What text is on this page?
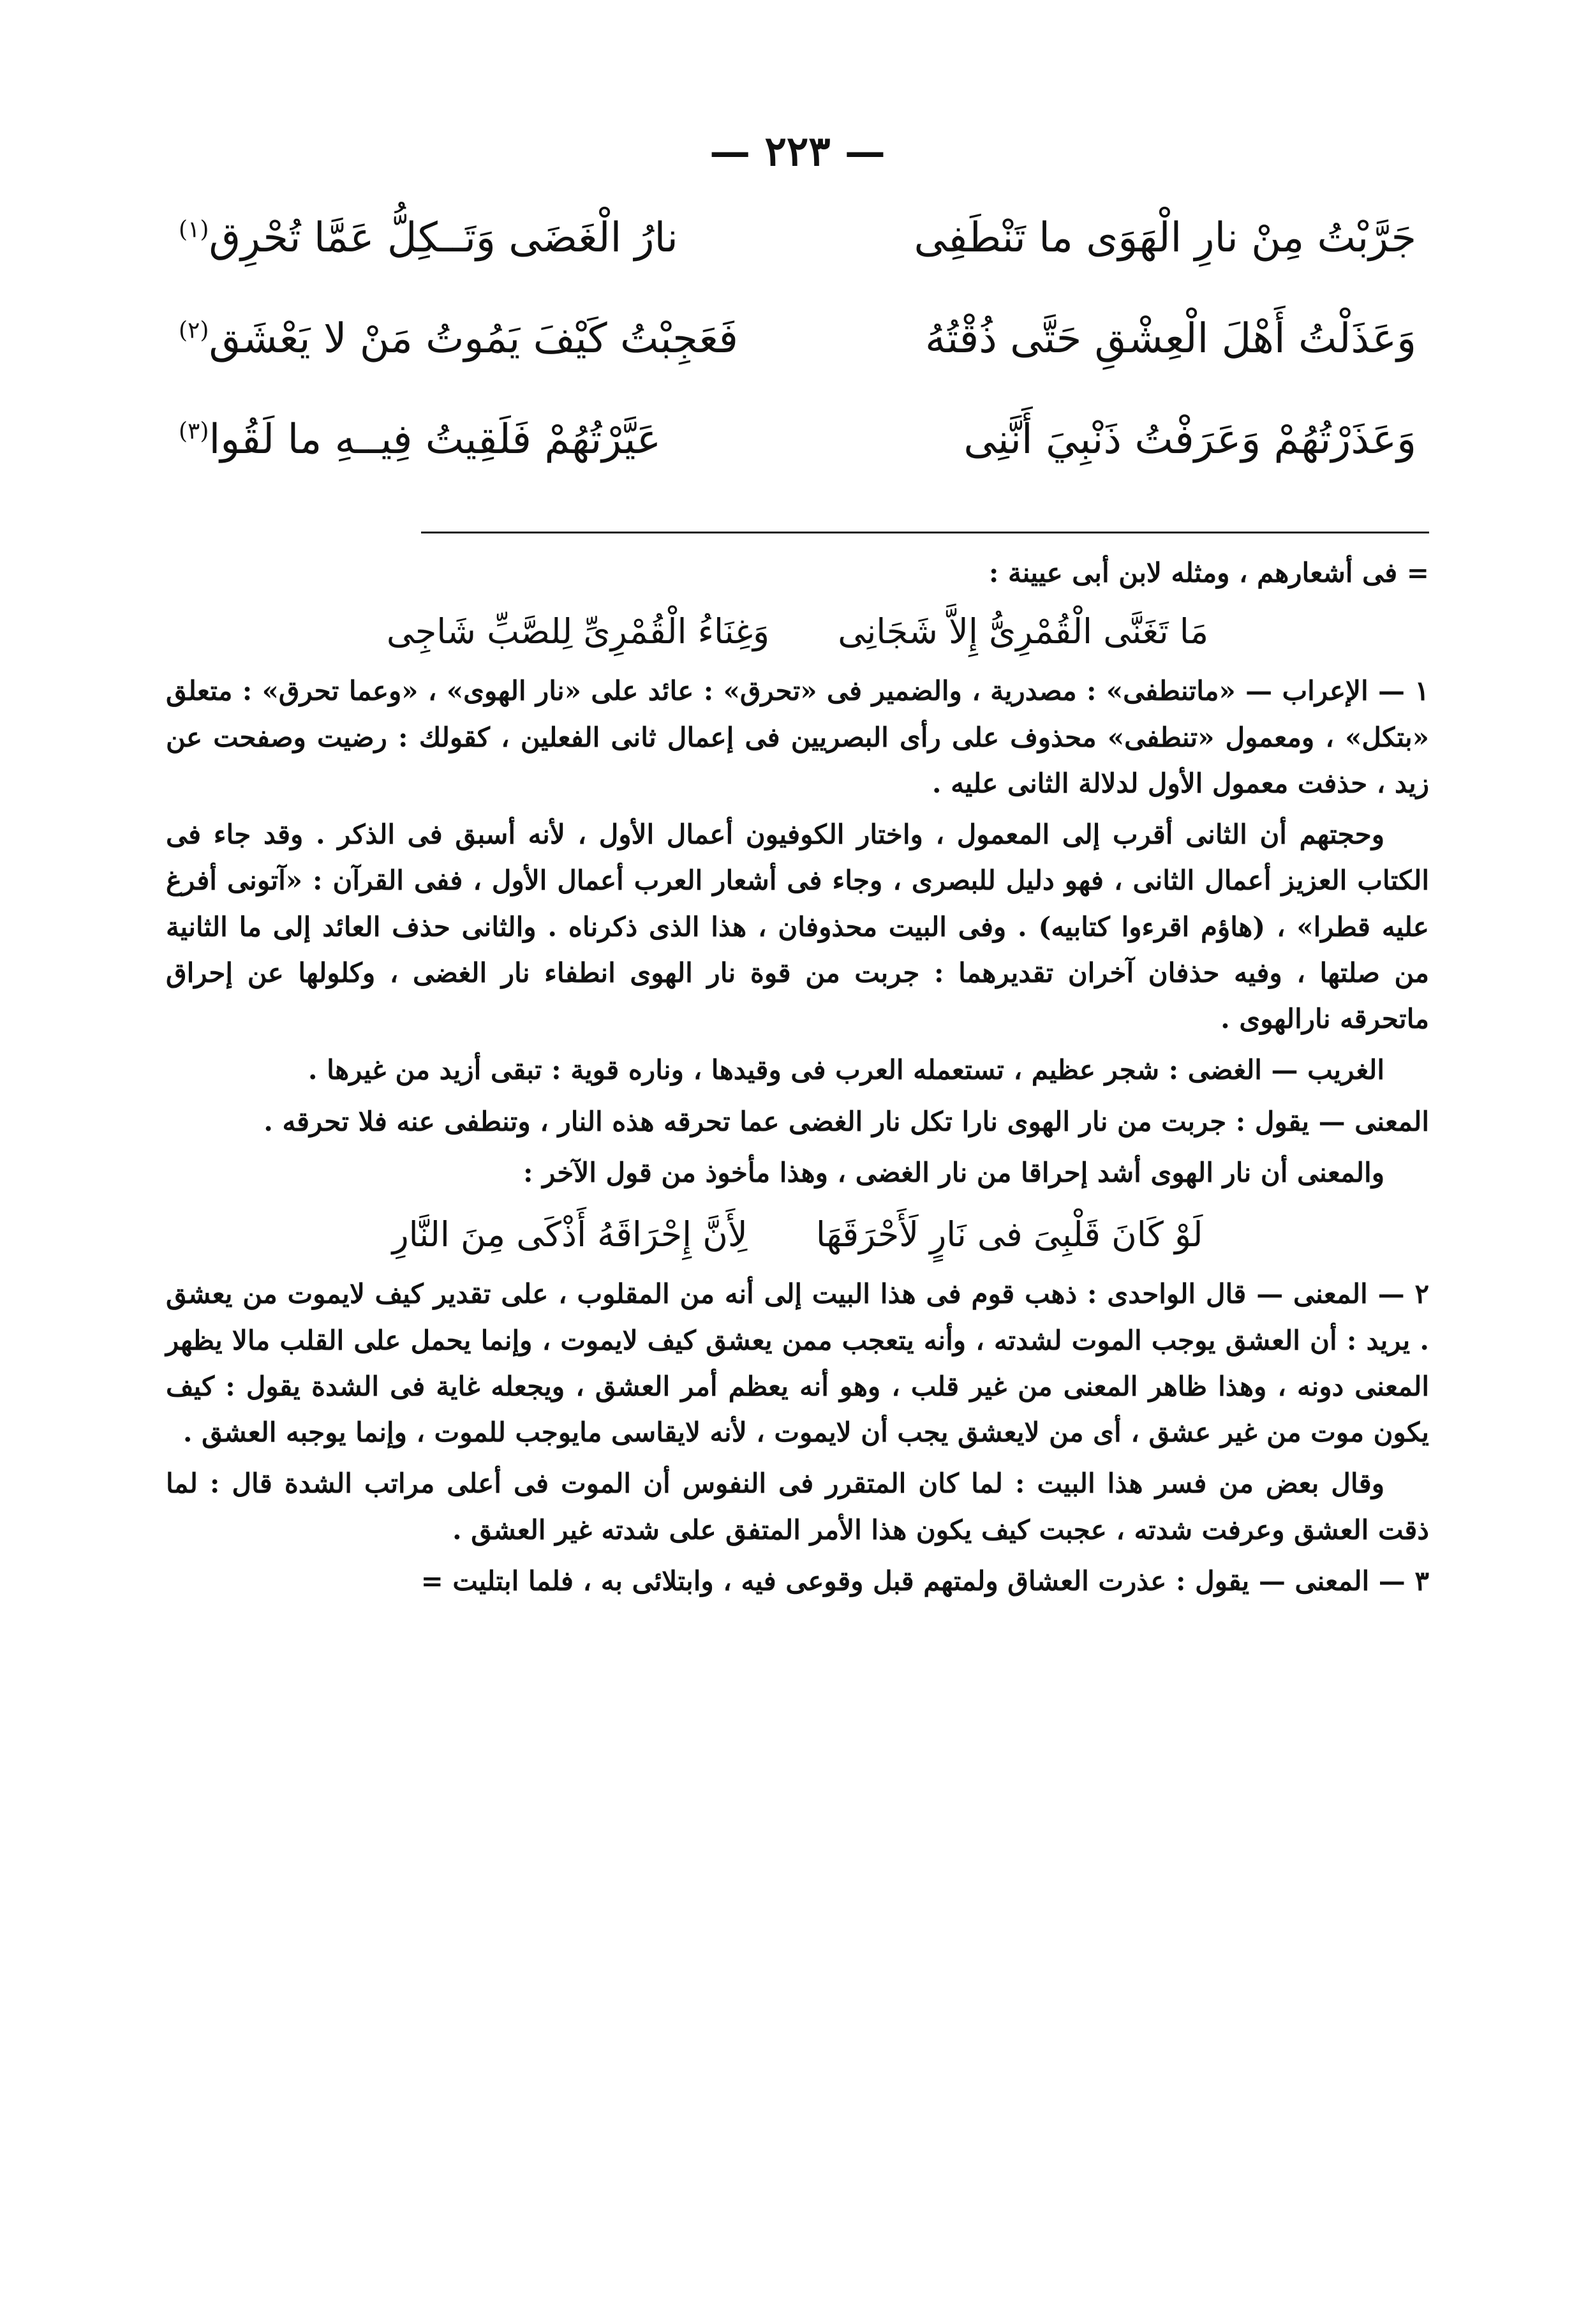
— ٢٢٣ —
جَرَّبْتُ مِنْ نارِ الْهَوَى ما تَنْطَفِى
نارُ الْغَضَى وَتَــكِلُّ عَمَّا تُحْرِق$^{(١)}$
وَعَذَلْتُ أَهْلَ الْعِشْقِ حَتَّى ذُقْتُهُ
فَعَجِبْتُ كَيْفَ يَمُوتُ مَنْ لا يَعْشَق$^{(٢)}$
وَعَذَرْتُهُمْ وَعَرَفْتُ ذَنْبِيَ أَنَّنِى
عَيَّرْتُهُمْ فَلَقِيتُ فِيــهِ ما لَقُوا$^{(٣)}$
= فى أشعارهم ، ومثله لابن أبى عيينة :
مَا تَغَنَّى الْقُمْرِىُّ إِلاَّ شَجَانِى وَغِنَاءُ الْقُمْرِىِّ لِلصَّبِّ شَاجِى

١ — الإعراب — «ماتنطفى» : مصدرية ، والضمير فى «تحرق» : عائد على «نار الهوى» ، «وعما تحرق» : متعلق «بتكل» ، ومعمول «تنطفى» محذوف على رأى البصريين فى إعمال ثانى الفعلين ، كقولك : رضيت وصفحت عن زيد ، حذفت معمول الأول لدلالة الثانى عليه .

وحجتهم أن الثانى أقرب إلى المعمول ، واختار الكوفيون أعمال الأول ، لأنه أسبق فى الذكر . وقد جاء فى الكتاب العزيز أعمال الثانى ، فهو دليل للبصرى ، وجاء فى أشعار العرب أعمال الأول ، ففى القرآن : «آتونى أفرغ عليه قطرا» ، (هاؤم اقرءوا كتابيه) . وفى البيت محذوفان ، هذا الذى ذكرناه . والثانى حذف العائد إلى ما الثانية من صلتها ، وفيه حذفان آخران تقديرهما : جربت من قوة نار الهوى انطفاء نار الغضى ، وكلولها عن إحراق ماتحرقه نارالهوى .

الغريب — الغضى : شجر عظيم ، تستعمله العرب فى وقيدها ، وناره قوية : تبقى أزيد من غيرها .

المعنى — يقول : جربت من نار الهوى نارا تكل نار الغضى عما تحرقه هذه النار ، وتنطفى عنه فلا تحرقه .

والمعنى أن نار الهوى أشد إحراقا من نار الغضى ، وهذا مأخوذ من قول الآخر :

لَوْ كَانَ قَلْبِىَ فى نَارٍ لَأَحْرَقَهَا لِأَنَّ إِحْرَاقَهُ أَذْكَى مِنَ النَّارِ

٢ — المعنى — قال الواحدى : ذهب قوم فى هذا البيت إلى أنه من المقلوب ، على تقدير كيف لايموت من يعشق . يريد : أن العشق يوجب الموت لشدته ، وأنه يتعجب ممن يعشق كيف لايموت ، وإنما يحمل على القلب مالا يظهر المعنى دونه ، وهذا ظاهر المعنى من غير قلب ، وهو أنه يعظم أمر العشق ، ويجعله غاية فى الشدة يقول : كيف يكون موت من غير عشق ، أى من لايعشق يجب أن لايموت ، لأنه لايقاسى مايوجب للموت ، وإنما يوجبه العشق .

وقال بعض من فسر هذا البيت : لما كان المتقرر فى النفوس أن الموت فى أعلى مراتب الشدة قال : لما ذقت العشق وعرفت شدته ، عجبت كيف يكون هذا الأمر المتفق على شدته غير العشق .

٣ — المعنى — يقول : عذرت العشاق ولمتهم قبل وقوعى فيه ، وابتلائى به ، فلما ابتليت =
